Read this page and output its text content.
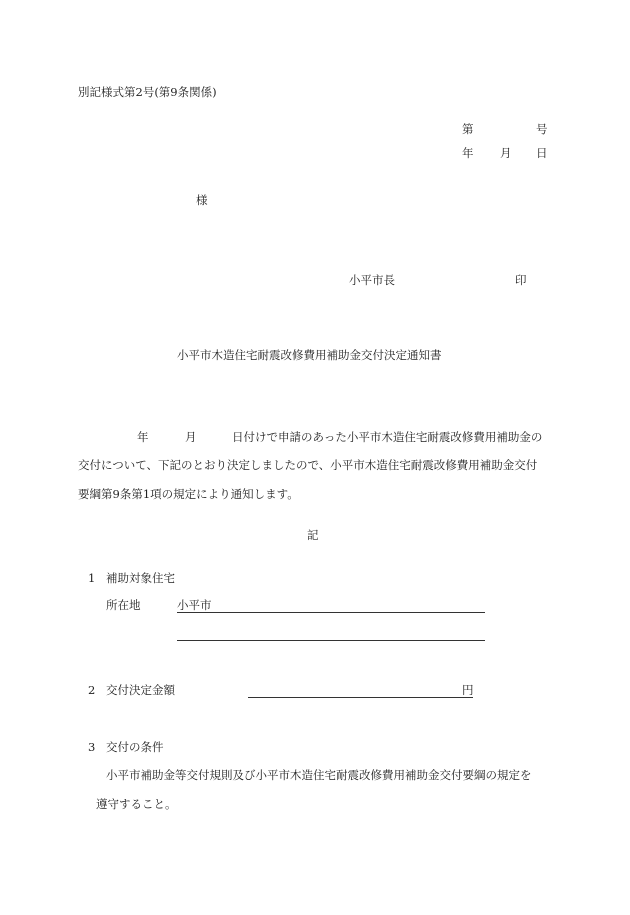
別記様式第2号(第9条関係)
第	号
年 月 日
様
小平市長	印
小平市木造住宅耐震改修費用補助金交付決定通知書
年	月	日付けで申請のあった小平市木造住宅耐震改修費用補助金の
交付について、下記のとおり決定しましたので、小平市木造住宅耐震改修費用補助金交付
要綱第9条第1項の規定により通知します。
記
1 補助対象住宅
所在地	小平市
2 交付決定金額	円
3 交付の条件
小平市補助金等交付規則及び小平市木造住宅耐震改修費用補助金交付要綱の規定を
遵守すること。
